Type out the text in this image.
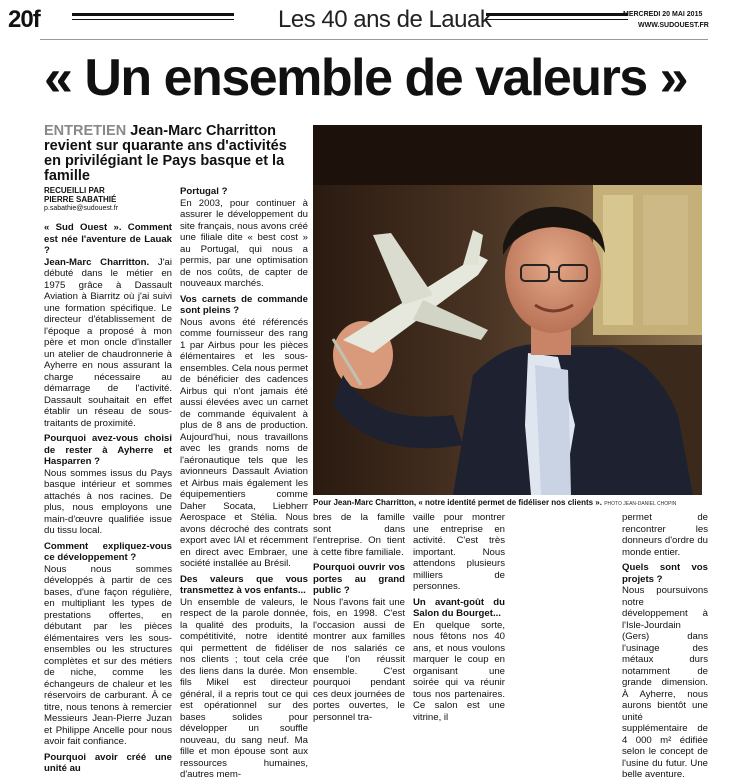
20f	Les 40 ans de Lauak	MERCREDI 20 MAI 2015
WWW.SUDOUEST.FR
« Un ensemble de valeurs »
ENTRETIEN Jean-Marc Charritton revient sur quarante ans d'activités en privilégiant le Pays basque et la famille
RECUEILLI PAR
PIERRE SABATHIÉ
p.sabathie@sudouest.fr

« Sud Ouest ». Comment est née l'aventure de Lauak ?

Jean-Marc Charritton. J'ai débuté dans le métier en 1975 grâce à Dassault Aviation à Biarritz où j'ai suivi une formation spécifique. Le directeur d'établissement de l'époque a proposé à mon père et mon oncle d'installer un atelier de chaudronnerie à Ayherre en nous assurant la charge nécessaire au démarrage de l'activité. Dassault souhaitait en effet établir un réseau de sous-traitants de proximité.

Pourquoi avez-vous choisi de rester à Ayherre et Hasparren ?

Nous sommes issus du Pays basque intérieur et sommes attachés à nos racines. De plus, nous employons une main-d'œuvre qualifiée issue du tissu local.

Comment expliquez-vous ce développement ?

Nous nous sommes développés à partir de ces bases, d'une façon régulière, en multipliant les types de prestations offertes, en débutant par les pièces élémentaires vers les sous-ensembles ou les structures complètes et sur des métiers de niche, comme les échangeurs de chaleur et les réservoirs de carburant. À ce titre, nous tenons à remercier Messieurs Jean-Pierre Juzan et Philippe Ancelle pour nous avoir fait confiance.

Pourquoi avoir créé une unité au

Portugal ?

En 2003, pour continuer à assurer le développement du site français, nous avons créé une filiale dite « best cost » au Portugal, qui nous a permis, par une optimisation de nos coûts, de capter de nouveaux marchés.

Vos carnets de commande sont pleins ?

Nous avons été référencés comme fournisseur des rang 1 par Airbus pour les pièces élémentaires et les sous-ensembles. Cela nous permet de bénéficier des cadences Airbus qui n'ont jamais été aussi élevées avec un carnet de commande équivalent à plus de 8 ans de production. Aujourd'hui, nous travaillons avec les grands noms de l'aéronautique tels que les avionneurs Dassault Aviation et Airbus mais également les équipementiers comme Daher Socata, Liebherr Aerospace et Stélia. Nous avons décroché des contrats export avec IAI et récemment en direct avec Embraer, une société installée au Brésil.

Des valeurs que vous transmettez à vos enfants...

Un ensemble de valeurs, le respect de la parole donnée, la qualité des produits, la compétitivité, notre identité qui permettent de fidéliser nos clients ; tout cela crée des liens dans la durée. Mon fils Mikel est directeur général, il a repris tout ce qui est opérationnel sur des bases solides pour développer un souffle nouveau, du sang neuf. Ma fille et mon épouse sont aux ressources humaines, d'autres mem-

Pour Jean-Marc Charritton, « notre identité permet de fidéliser nos clients ». PHOTO JEAN-DANIEL CHOPIN

bres de la famille sont dans l'entreprise. On tient à cette fibre familiale.

Pourquoi ouvrir vos portes au grand public ?

Nous l'avons fait une fois, en 1998. C'est l'occasion aussi de montrer aux familles de nos salariés ce que l'on réussit ensemble. C'est pourquoi pendant ces deux journées de portes ouvertes, le personnel tra-

vaille pour montrer une entreprise en activité. C'est très important. Nous attendons plusieurs milliers de personnes.

Un avant-goût du Salon du Bourget...

En quelque sorte, nous fêtons nos 40 ans, et nous voulons marquer le coup en organisant une soirée qui va réunir tous nos partenaires. Ce salon est une vitrine, il

permet de rencontrer les donneurs d'ordre du monde entier.

Quels sont vos projets ?

Nous poursuivons notre développement à l'Isle-Jourdain (Gers) dans l'usinage des métaux durs notamment de grande dimension. À Ayherre, nous aurons bientôt une unité supplémentaire de 4 000 m² édifiée selon le concept de l'usine du futur. Une belle aventure.
